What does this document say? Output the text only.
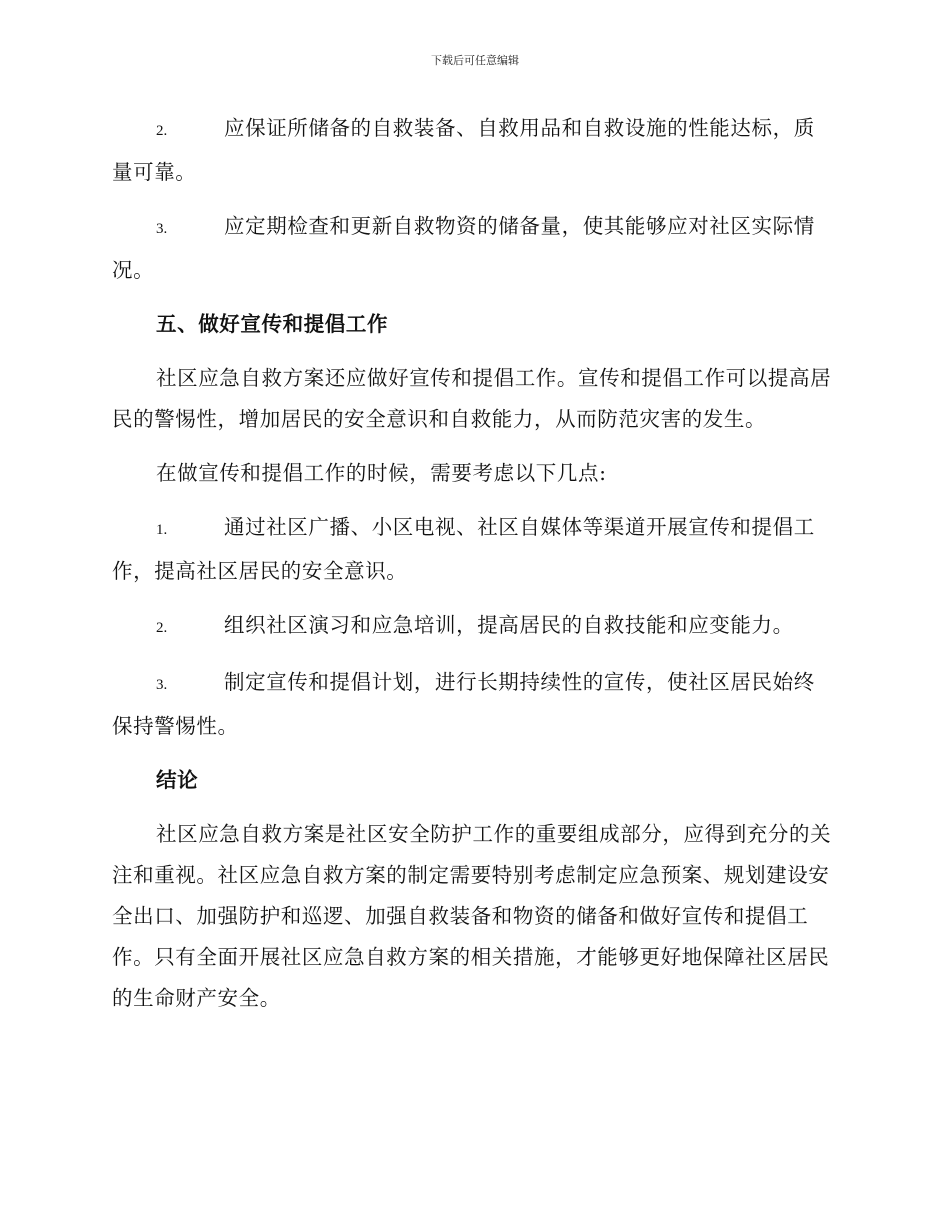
下载后可任意编辑

2.	应保证所储备的自救装备、自救用品和自救设施的性能达标，质量可靠。

3.	应定期检查和更新自救物资的储备量，使其能够应对社区实际情况。

五、做好宣传和提倡工作

社区应急自救方案还应做好宣传和提倡工作。宣传和提倡工作可以提高居民的警惕性，增加居民的安全意识和自救能力，从而防范灾害的发生。

在做宣传和提倡工作的时候，需要考虑以下几点:

1.	通过社区广播、小区电视、社区自媒体等渠道开展宣传和提倡工作，提高社区居民的安全意识。

2.	组织社区演习和应急培训，提高居民的自救技能和应变能力。

3.	制定宣传和提倡计划，进行长期持续性的宣传，使社区居民始终保持警惕性。

结论

社区应急自救方案是社区安全防护工作的重要组成部分，应得到充分的关注和重视。社区应急自救方案的制定需要特别考虑制定应急预案、规划建设安全出口、加强防护和巡逻、加强自救装备和物资的储备和做好宣传和提倡工作。只有全面开展社区应急自救方案的相关措施，才能够更好地保障社区居民的生命财产安全。
